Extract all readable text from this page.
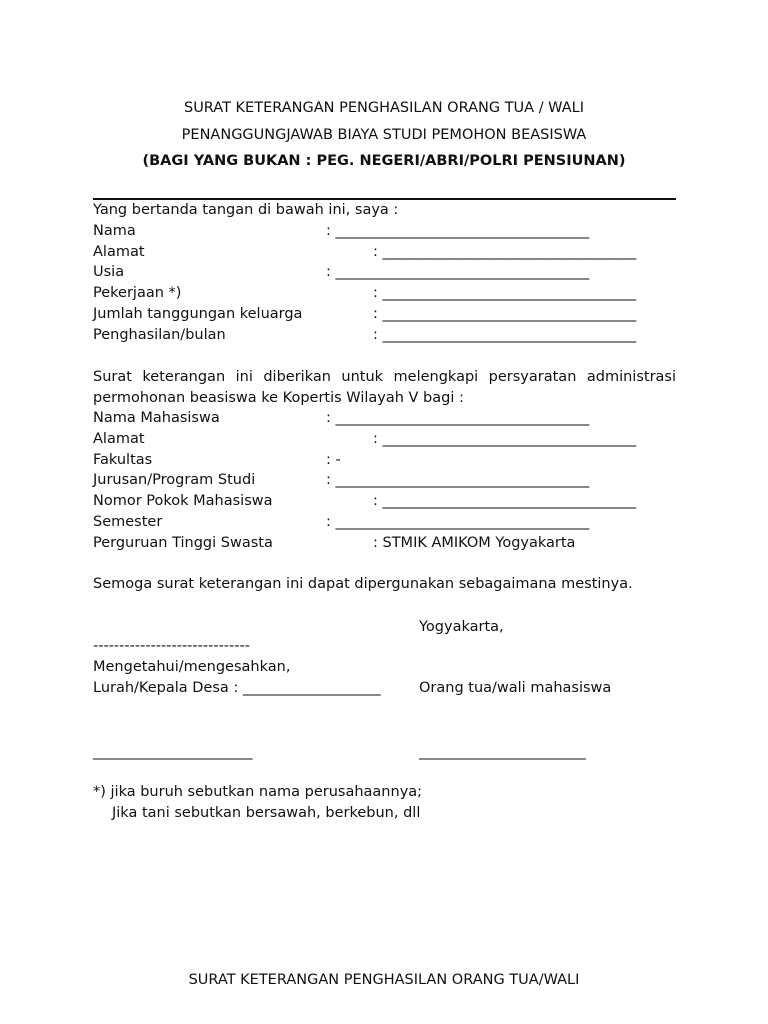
SURAT KETERANGAN PENGHASILAN ORANG TUA / WALI
PENANGGUNGJAWAB BIAYA STUDI PEMOHON BEASISWA
(BAGI YANG BUKAN : PEG. NEGERI/ABRI/POLRI PENSIUNAN)
Yang bertanda tangan di bawah ini, saya :
Nama	: ___________________________________
Alamat	: ___________________________________
Usia	: ___________________________________
Pekerjaan *)	: ___________________________________
Jumlah tanggungan keluarga	: ___________________________________
Penghasilan/bulan	: ___________________________________
Surat keterangan ini diberikan untuk melengkapi persyaratan administrasi permohonan beasiswa ke Kopertis Wilayah V bagi :
Nama Mahasiswa	: ___________________________________
Alamat	: ___________________________________
Fakultas	: -
Jurusan/Program Studi	: ___________________________________
Nomor Pokok Mahasiswa	: ___________________________________
Semester	: ___________________________________
Perguruan Tinggi Swasta	: STMIK AMIKOM Yogyakarta
Semoga surat keterangan ini dapat dipergunakan sebagaimana mestinya.
Yogyakarta,
------------------------------
Mengetahui/mengesahkan,
Lurah/Kepala Desa : ___________________	Orang tua/wali mahasiswa
______________________	_______________________
*) jika buruh sebutkan nama perusahaannya;
Jika tani sebutkan bersawah, berkebun, dll
SURAT KETERANGAN PENGHASILAN ORANG TUA/WALI
